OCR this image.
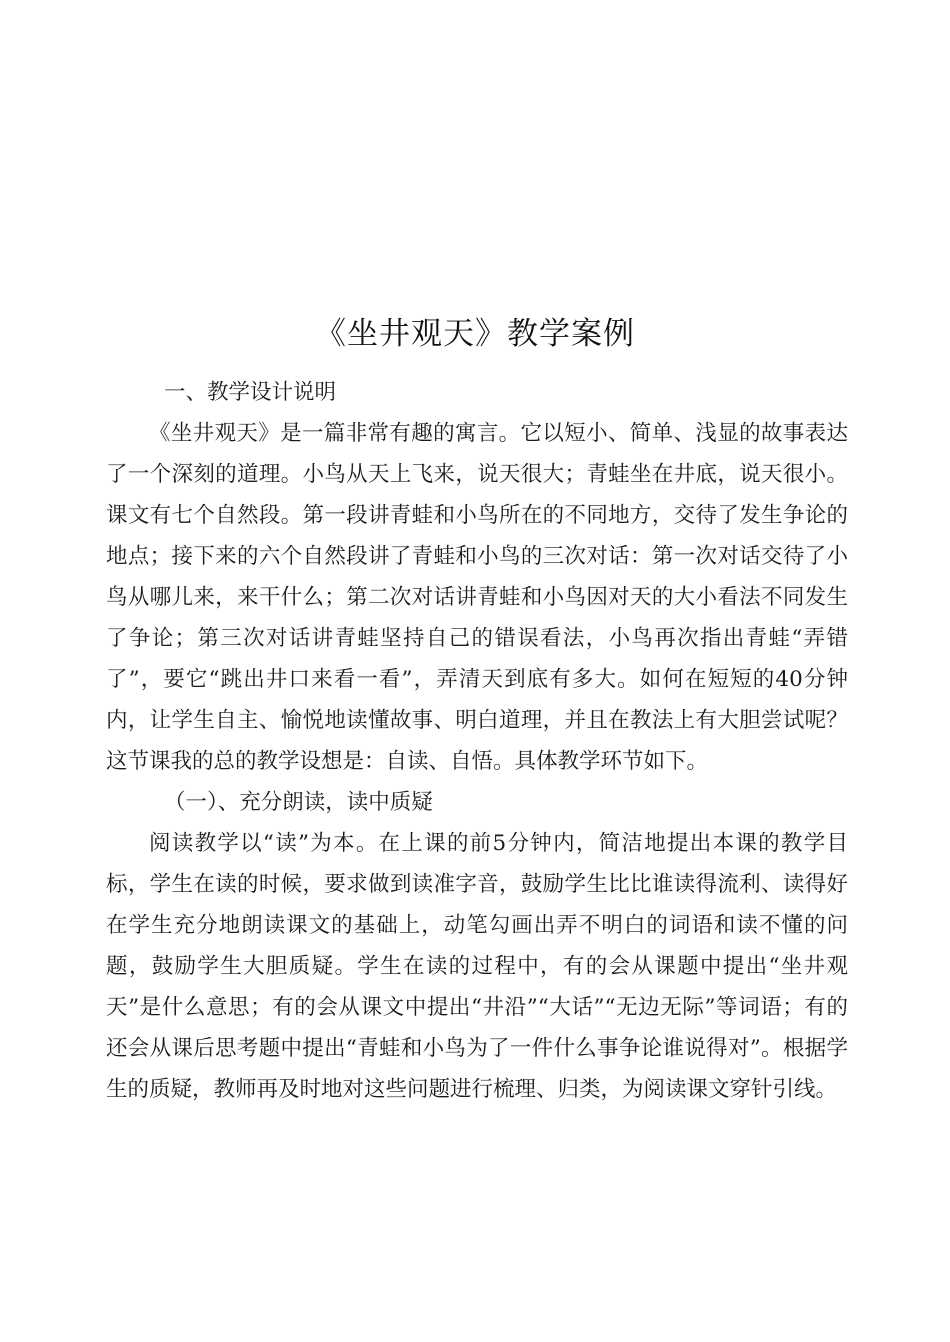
《坐井观天》教学案例

一、教学设计说明

《坐井观天》是一篇非常有趣的寓言。它以短小、简单、浅显的故事表达了一个深刻的道理。小鸟从天上飞来，说天很大；青蛙坐在井底，说天很小。课文有七个自然段。第一段讲青蛙和小鸟所在的不同地方，交待了发生争论的地点；接下来的六个自然段讲了青蛙和小鸟的三次对话：第一次对话交待了小鸟从哪儿来，来干什么；第二次对话讲青蛙和小鸟因对天的大小看法不同发生了争论；第三次对话讲青蛙坚持自己的错误看法，小鸟再次指出青蛙“弄错了”，要它“跳出井口来看一看”，弄清天到底有多大。如何在短短的40分钟内，让学生自主、愉悦地读懂故事、明白道理，并且在教法上有大胆尝试呢？这节课我的总的教学设想是：自读、自悟。具体教学环节如下。

（一）、充分朗读，读中质疑

阅读教学以“读”为本。在上课的前5分钟内，简洁地提出本课的教学目标，学生在读的时候，要求做到读准字音，鼓励学生比比谁读得流利、读得好在学生充分地朗读课文的基础上，动笔勾画出弄不明白的词语和读不懂的问题，鼓励学生大胆质疑。学生在读的过程中，有的会从课题中提出“坐井观天”是什么意思；有的会从课文中提出“井沿”“大话”“无边无际”等词语；有的还会从课后思考题中提出“青蛙和小鸟为了一件什么事争论谁说得对”。根据学生的质疑，教师再及时地对这些问题进行梳理、归类，为阅读课文穿针引线。
